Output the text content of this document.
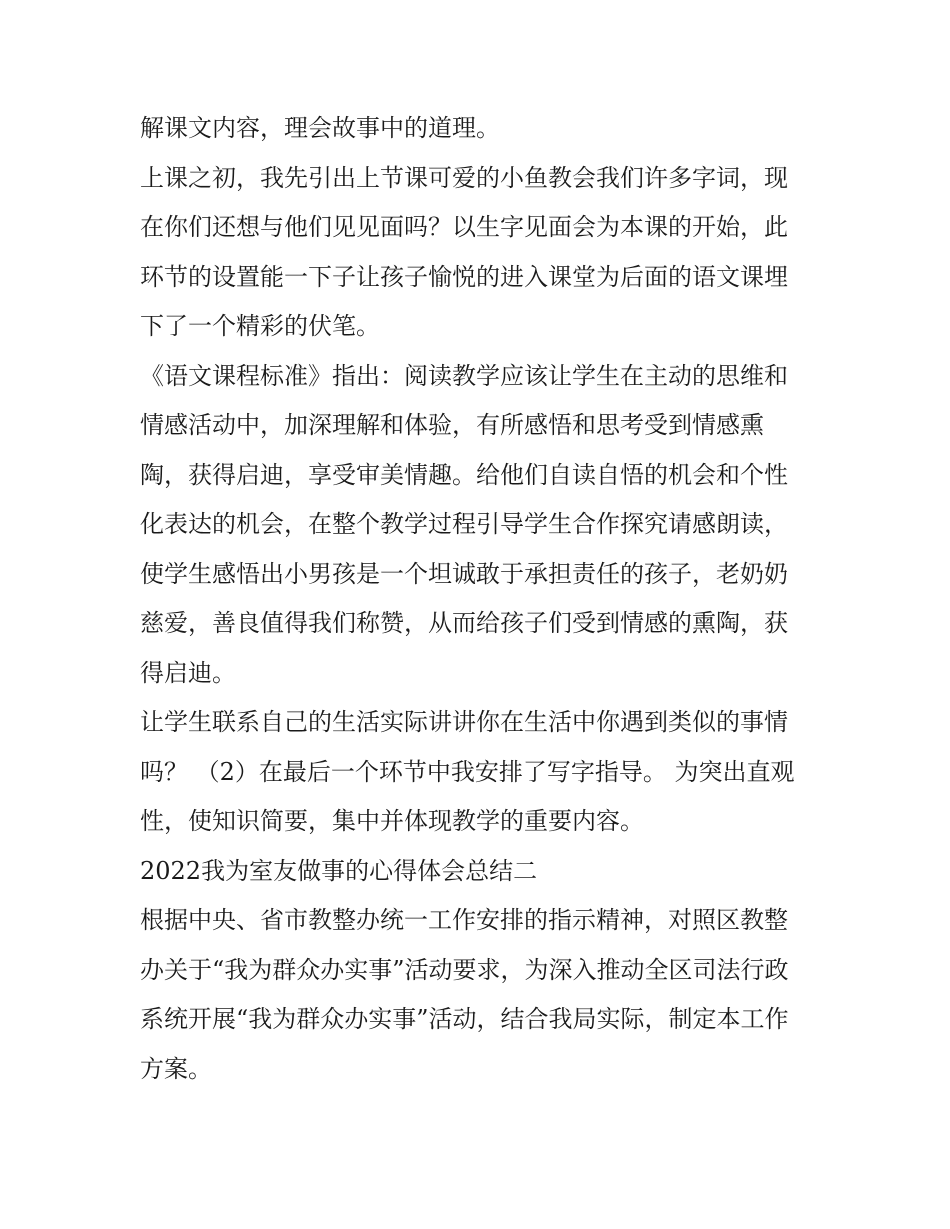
解课文内容，理会故事中的道理。

上课之初，我先引出上节课可爱的小鱼教会我们许多字词，现
在你们还想与他们见见面吗？以生字见面会为本课的开始，此
环节的设置能一下子让孩子愉悦的进入课堂为后面的语文课埋
下了一个精彩的伏笔。

《语文课程标准》指出：阅读教学应该让学生在主动的思维和
情感活动中，加深理解和体验，有所感悟和思考受到情感熏
陶，获得启迪，享受审美情趣。给他们自读自悟的机会和个性
化表达的机会，在整个教学过程引导学生合作探究请感朗读，
使学生感悟出小男孩是一个坦诚敢于承担责任的孩子，老奶奶
慈爱，善良值得我们称赞，从而给孩子们受到情感的熏陶，获
得启迪。

让学生联系自己的生活实际讲讲你在生活中你遇到类似的事情
吗？ （2）在最后一个环节中我安排了写字指导。 为突出直观
性，使知识简要，集中并体现教学的重要内容。

2022我为室友做事的心得体会总结二

根据中央、省市教整办统一工作安排的指示精神，对照区教整
办关于“我为群众办实事”活动要求，为深入推动全区司法行政
系统开展“我为群众办实事”活动，结合我局实际，制定本工作
方案。
